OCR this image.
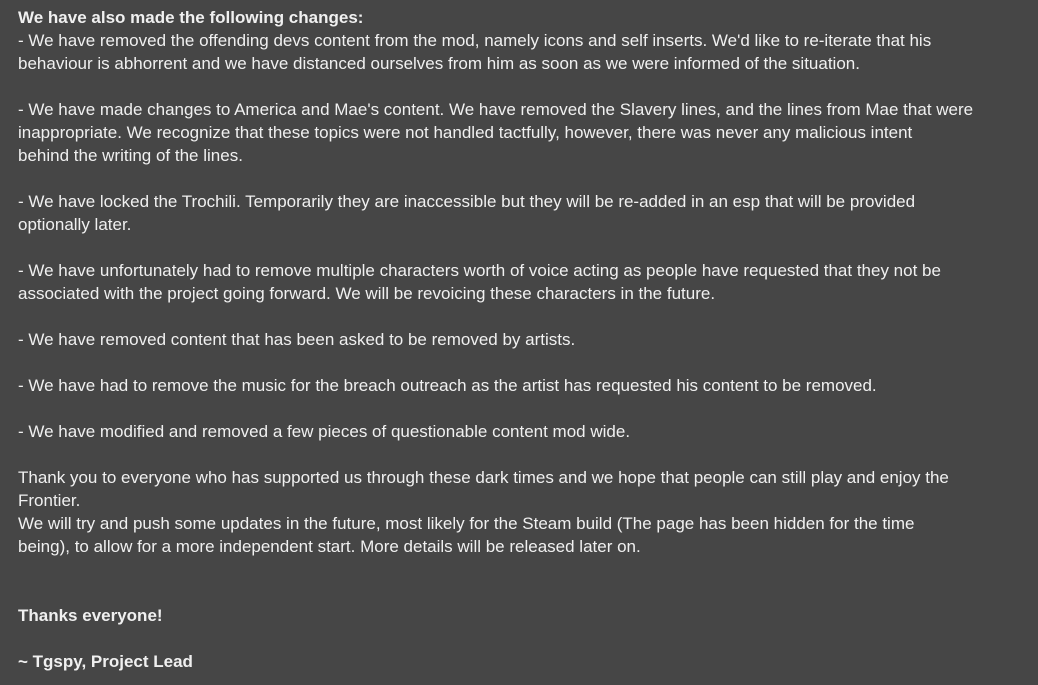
We have also made the following changes:
- We have removed the offending devs content from the mod, namely icons and self inserts. We'd like to re-iterate that his
behaviour is abhorrent and we have distanced ourselves from him as soon as we were informed of the situation.
- We have made changes to America and Mae's content. We have removed the Slavery lines, and the lines from Mae that were
inappropriate. We recognize that these topics were not handled tactfully, however, there was never any malicious intent
behind the writing of the lines.
- We have locked the Trochili. Temporarily they are inaccessible but they will be re-added in an esp that will be provided
optionally later.
- We have unfortunately had to remove multiple characters worth of voice acting as people have requested that they not be
associated with the project going forward. We will be revoicing these characters in the future.
- We have removed content that has been asked to be removed by artists.
- We have had to remove the music for the breach outreach as the artist has requested his content to be removed.
- We have modified and removed a few pieces of questionable content mod wide.
Thank you to everyone who has supported us through these dark times and we hope that people can still play and enjoy the
Frontier.
We will try and push some updates in the future, most likely for the Steam build (The page has been hidden for the time
being), to allow for a more independent start. More details will be released later on.
Thanks everyone!
~ Tgspy, Project Lead
